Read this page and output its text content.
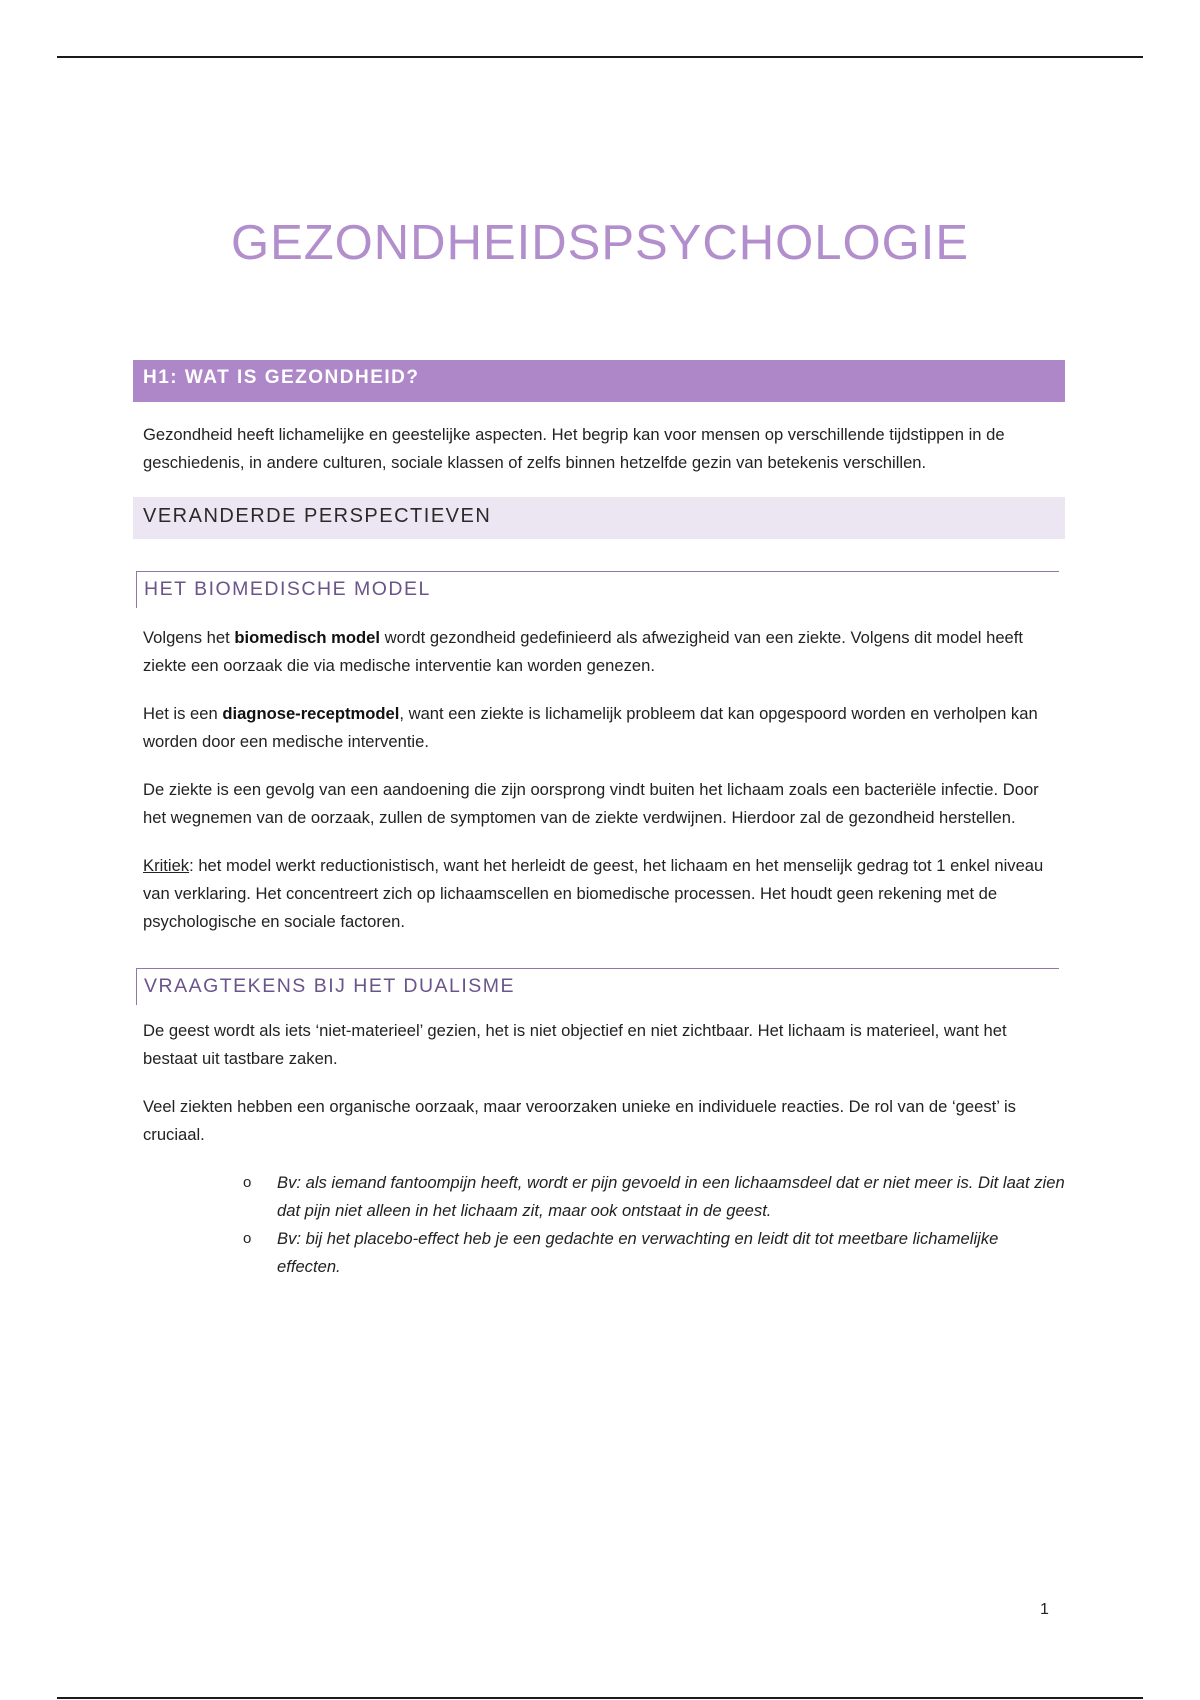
GEZONDHEIDSPSYCHOLOGIE
H1: WAT IS GEZONDHEID?

Gezondheid heeft lichamelijke en geestelijke aspecten. Het begrip kan voor mensen op verschillende tijdstippen in de geschiedenis, in andere culturen, sociale klassen of zelfs binnen hetzelfde gezin van betekenis verschillen.

VERANDERDE PERSPECTIEVEN
HET BIOMEDISCHE MODEL

Volgens het biomedisch model wordt gezondheid gedefinieerd als afwezigheid van een ziekte. Volgens dit model heeft ziekte een oorzaak die via medische interventie kan worden genezen.

Het is een diagnose-receptmodel, want een ziekte is lichamelijk probleem dat kan opgespoord worden en verholpen kan worden door een medische interventie.

De ziekte is een gevolg van een aandoening die zijn oorsprong vindt buiten het lichaam zoals een bacteriële infectie. Door het wegnemen van de oorzaak, zullen de symptomen van de ziekte verdwijnen. Hierdoor zal de gezondheid herstellen.

Kritiek: het model werkt reductionistisch, want het herleidt de geest, het lichaam en het menselijk gedrag tot 1 enkel niveau van verklaring. Het concentreert zich op lichaamscellen en biomedische processen. Het houdt geen rekening met de psychologische en sociale factoren.

VRAAGTEKENS BIJ HET DUALISME

De geest wordt als iets ‘niet-materieel’ gezien, het is niet objectief en niet zichtbaar. Het lichaam is materieel, want het bestaat uit tastbare zaken.

Veel ziekten hebben een organische oorzaak, maar veroorzaken unieke en individuele reacties. De rol van de ‘geest’ is cruciaal.

o Bv: als iemand fantoompijn heeft, wordt er pijn gevoeld in een lichaamsdeel dat er niet meer is. Dit laat zien dat pijn niet alleen in het lichaam zit, maar ook ontstaat in de geest.
o Bv: bij het placebo-effect heb je een gedachte en verwachting en leidt dit tot meetbare lichamelijke effecten.
1
